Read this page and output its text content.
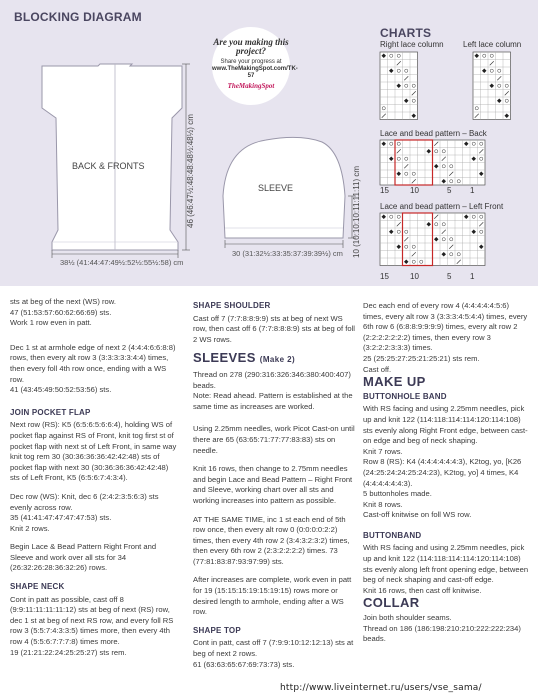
BLOCKING DIAGRAM
BACK & FRONTS
SLEEVE
38½ (41:44:47:49½:52½:55½:58) cm
46 (46:47½:48:48:48½:48½) cm
30 (31:32½:33:35:37:39:39½) cm 10 (10:10:10:11:11:11) cm
Are you making this project?
Share your progress at
www.TheMakingSpot.com/TK-57
TheMakingSpot
CHARTS
Right lace column Left lace column
Lace and bead pattern – Back
Lace and bead pattern – Left Front
15	10	5 1
15	10	5 1

sts at beg of the next (WS) row.

47 (51:53:57:60:62:66:69) sts.

Work 1 row even in patt.

Dec 1 st at armhole edge of next 2 (4:4:4:6:6:8:8) rows, then every alt row 3 (3:3:3:3:3:4:4) times, then every foll 4th row once, ending with a WS row.

41 (43:45:49:50:52:53:56) sts.

JOIN POCKET FLAP

Next row (RS): K5 (6:5:6:5:6:6:4), holding WS of pocket flap against RS of Front, knit tog first st of pocket flap with next st of Left Front, in same way knit tog rem 30 (30:36:36:36:42:42:48) sts of pocket flap with next 30 (30:36:36:36:42:42:48) sts of Left Front, K5 (6:5:6:7:4:3:4).

Dec row (WS): Knit, dec 6 (2:4:2:3:5:6:3) sts evenly across row.

35 (41:41:47:47:47:47:53) sts.

Knit 2 rows.

Begin Lace & Bead Pattern Right Front and Sleeve and work over all sts for 34 (26:32:26:28:36:32:26) rows.

SHAPE NECK

Cont in patt as possible, cast off 8 (9:9:11:11:11:11:12) sts at beg of next (RS) row, dec 1 st at beg of next RS row, and every foll RS row 3 (5:5:7:4:3:3:5) times more, then every 4th row 4 (5:5:6:7:7:7:8) times more.

19 (21:21:22:24:25:25:27) sts rem.

SHAPE SHOULDER

Cast off 7 (7:7:8:8:9:9) sts at beg of next WS row, then cast off 6 (7:7:8:8:8:9) sts at beg of foll 2 WS rows.

SLEEVES (Make 2)

Thread on 278 (290:316:326:346:380:400:407) beads.

Note: Read ahead. Pattern is established at the same time as increases are worked.

Using 2.25mm needles, work Picot Cast-on until there are 65 (63:65:71:77:77:83:83) sts on needle.

Knit 16 rows, then change to 2.75mm needles and begin Lace and Bead Pattern – Right Front and Sleeve, working chart over all sts and working increases into pattern as possible.

AT THE SAME TIME, inc 1 st each end of 5th row once, then every alt row 0 (0:0:0:0:2:2) times, then every 4th row 2 (3:4:3:2:3:2) times, then every 6th row 2 (2:3:2:2:2:2) times. 73 (77:81:83:87:93:97:99) sts.

After increases are complete, work even in patt for 19 (15:15:15:19:15:19:15) rows more or desired length to armhole, ending after a WS row.

SHAPE TOP

Cont in patt, cast off 7 (7:9:9:10:12:12:13) sts at beg of next 2 rows.

61 (63:63:65:67:69:73:73) sts.

Dec each end of every row 4 (4:4:4:4:4:5:6) times, every alt row 3 (3:3:3:4:5:4:4) times, every 6th row 6 (6:8:8:9:9:9:9) times, every alt row 2 (2:2:2:2:2:2:2) times, then every row 3 (3:2:2:2:3:3:3) times.

25 (25:25:27:25:21:25:21) sts rem.

Cast off.

MAKE UP
BUTTONHOLE BAND

With RS facing and using 2.25mm needles, pick up and knit 122 (114:118:114:114:120:114:108) sts evenly along Right Front edge, between cast-on edge and beg of neck shaping.

Knit 7 rows.

Row 8 (RS): K4 (4:4:4:4:4:4:3), K2tog, yo, [K26 (24:25:24:24:25:24:23), K2tog, yo] 4 times, K4 (4:4:4:4:4:4:3).

5 buttonholes made.

Knit 8 rows.

Cast-off knitwise on foll WS row.

BUTTONBAND

With RS facing and using 2.25mm needles, pick up and knit 122 (114:118:114:114:120:114:108) sts evenly along left front opening edge, between beg of neck shaping and cast-off edge.

Knit 16 rows, then cast off knitwise.

COLLAR

Join both shoulder seams.

Thread on 186 (186:198:210:210:222:222:234) beads.

http://www.liveinternet.ru/users/vse_sama/
